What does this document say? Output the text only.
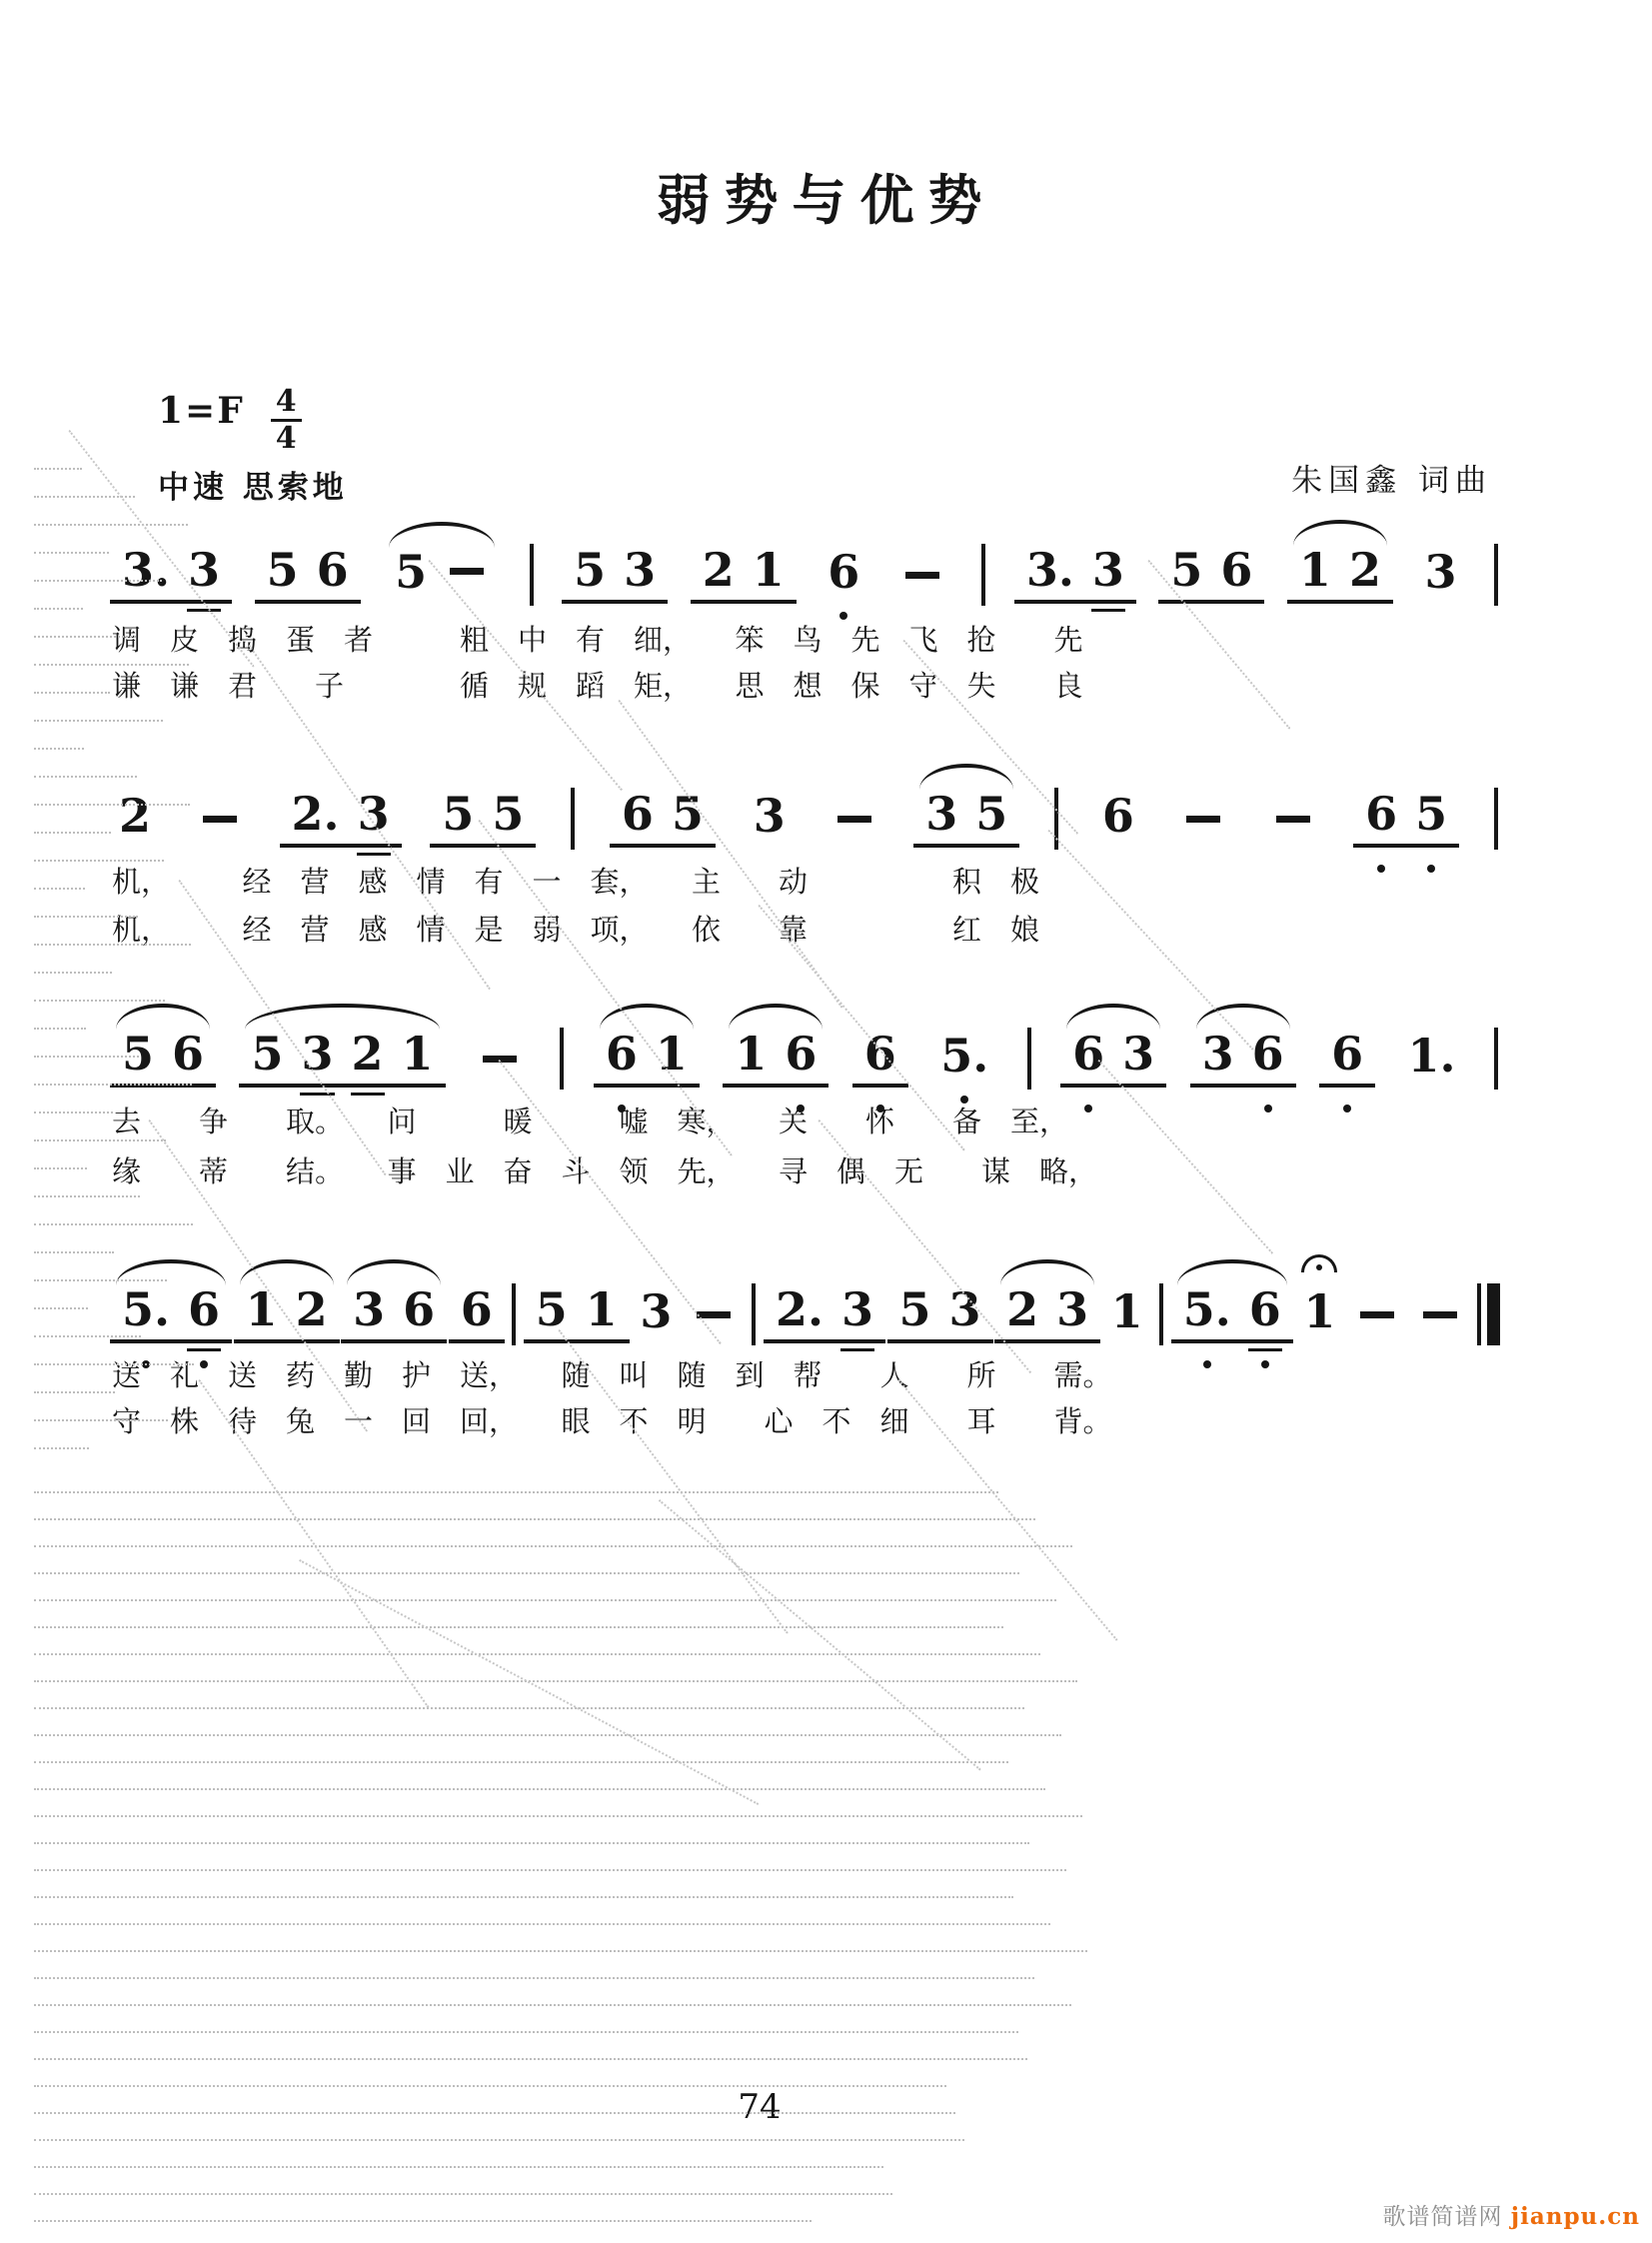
弱势与优势
$1=F \frac{4}{4}$
中速 思索地	朱国鑫 词曲
3. 3 5 6 5	5 3 2 1 6	3. 3 5 6 1 2 3
调　皮　捣　蛋　者　　　粗　中　有　细，　　笨　鸟　先　飞　抢　　先
谦　谦　君　　子　　　　循　规　蹈　矩，　　思　想　保　守　失　　良
2	2. 3 5 5 6 5 3	3 5 6	6 5
机，　　　经　营　感　情　有　一　套，　　主　　动　　　　　积　极
机，　　　经　营　感　情　是　弱　项，　　依　　靠　　　　　红　娘
5 6 5 3 2 1	6 1 1 6 6 5. 6 3 3 6 6 1.
去　　争　　取。　　问　　　暖　　　嘘　寒，　　关　　怀　　备　至，
缘　　蒂　　结。　　事　业　奋　斗　领　先，　　寻　偶　无　　谋　略，
5. 6 1 2 3 6 6 5 1 3 2. 3 5 3 2 3 1 5. 6 1
送　礼　送　药　勤　护　送，　　随　叫　随　到　帮　　人　　所　　需。
守　株　待　兔　一　回　回，　　眼　不　明　　心　不　细　　耳　　背。
74
歌谱简谱网 jianpu.cn
